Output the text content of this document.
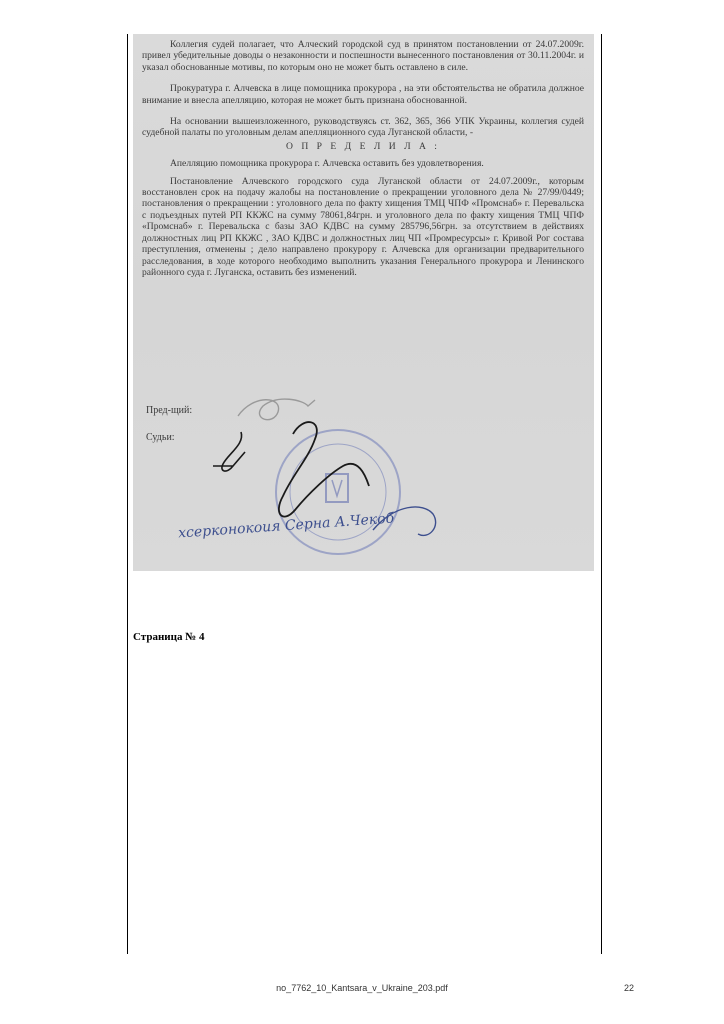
Коллегия судей полагает, что Алческий городской суд в принятом постановлении от 24.07.2009г. привел убедительные доводы о незаконности и поспешности вынесенного постановления от 30.11.2004г. и указал обоснованные мотивы, по которым оно не может быть оставлено в силе.

Прокуратура г. Алчевска в лице помощника прокурора , на эти обстоятельства не обратила должное внимание и внесла апелляцию, которая не может быть признана обоснованной.

На основании вышеизложенного, руководствуясь ст. 362, 365, 366 УПК Украины, коллегия судей судебной палаты по уголовным делам апелляционного суда Луганской области, -

О П Р Е Д Е Л И Л А :

Апелляцию помощника прокурора г. Алчевска оставить без удовлетворения.

Постановление Алчевского городского суда Луганской области от 24.07.2009г., которым восстановлен срок на подачу жалобы на постановление о прекращении уголовного дела № 27/99/0449; постановления о прекращении : уголовного дела по факту хищения ТМЦ ЧПФ «Промснаб» г. Перевальска с подъездных путей РП ККЖС на сумму 78061,84грн. и уголовного дела по факту хищения ТМЦ ЧПФ «Промснаб» г. Перевальска с базы ЗАО КДВС на сумму 285796,56грн. за отсутствием в действиях должностных лиц РП ККЖС , ЗАО КДВС и должностных лиц ЧП «Промресурсы» г. Кривой Рог состава преступления, отменены ; дело направлено прокурору г. Алчевска для организации предварительного расследования, в ходе которого необходимо выполнить указания Генерального прокурора и Ленинского районного суда г. Луганска, оставить без изменений.

Пред-щий:
Судьи:
хсерконокоия Серна А.Чекоб
Страница № 4
no_7762_10_Kantsara_v_Ukraine_203.pdf	22
